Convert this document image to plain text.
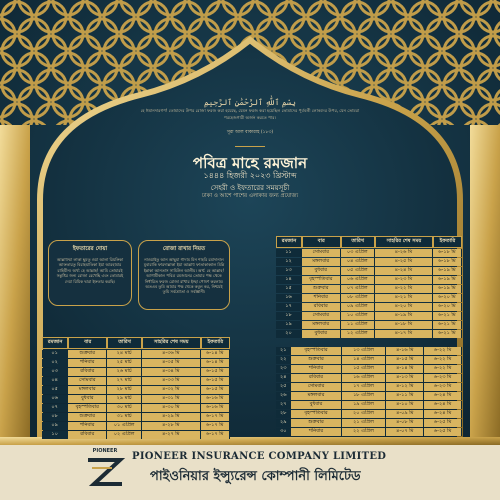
بِسْمِ ٱللَّٰهِ ٱلرَّحْمَٰنِ ٱلرَّحِيمِ
হে ঈমানদারগণ! তোমাদের উপর রোজা ফরজ করা হয়েছে, যেমন ফরজ করা হয়েছিল তোমাদের পূর্ববর্তী লোকদের উপর, যেন তোমরা পরহেজগারী অর্জন করতে পার।
সূরা আল বাকারাহ (১৮৩)
পবিত্র মাহে রমজান
১৪৪৪ হিজরী ২০২৩ খ্রিস্টাব্দ
সেহরী ও ইফতারের সময়সূচী
ঢাকা ও আশে পাশের এলাকার জন্য প্রযোজ্য
ইফতারের দোয়া

আল্লাহুম্মা লাকা ছুমতু ওয়া আলা রিযক্বিকা আফতারতু বিরাহমাতিকা ইয়া আরহামার রাহিমীন। অর্থ: হে আল্লাহ! আমি তোমারই সন্তুষ্টির জন্য রোজা রেখেছি এবং তোমারই দেয়া রিযিক দ্বারা ইফতার করছি।

রোজা রাখার নিয়ত

নাওয়াইতু আন আছুমা গাদাম মিন শাহরি রমাদানাল মুবারাকি ফারদাল্লাকা ইয়া আল্লাহু ফাতাকাব্বাল মিন্নি ইন্নাকা আনতাস সামিউল আলীম। অর্থ: হে আল্লাহ! আগামীকাল পবিত্র রমজানের তোমার পক্ষ থেকে নির্ধারিত ফরজ রোজা রাখার ইচ্ছা পোষণ করলাম। অতএব তুমি আমার পক্ষ থেকে কবুল কর, নিশ্চয়ই তুমি সর্বশ্রোতা ও সর্বজ্ঞানী।

রমজান	বার	তারিখ	সাহরির শেষ সময়	ইফতারি
০১	শুক্রবার	২৪ মার্চ	৪-৩৬ মি	৬-১৪ মি
০২	শনিবার	২৫ মার্চ	৪-৩৫ মি	৬-১৪ মি
০৩	রবিবার	২৬ মার্চ	৪-৩৪ মি	৬-১৫ মি
০৪	সোমবার	২৭ মার্চ	৪-৩৩ মি	৬-১৫ মি
০৫	মঙ্গলবার	২৮ মার্চ	৪-৩২ মি	৬-১৫ মি
০৬	বুধবার	২৯ মার্চ	৪-৩১ মি	৬-১৬ মি
০৭	বৃহস্পতিবার	৩০ মার্চ	৪-৩০ মি	৬-১৬ মি
০৮	শুক্রবার	৩১ মার্চ	৪-২৯ মি	৬-১৭ মি
০৯	শনিবার	০১ এপ্রিল	৪-২৮ মি	৬-১৭ মি
১০	রবিবার	০২ এপ্রিল	৪-২৭ মি	৬-১৭ মি
রমজান	বার	তারিখ	সাহরির শেষ সময়	ইফতারি
১১	সোমবার	০৩ এপ্রিল	৪-২৬ মি	৬-১৮ মি
১২	মঙ্গলবার	০৪ এপ্রিল	৪-২৫ মি	৬-১৮ মি
১৩	বুধবার	০৫ এপ্রিল	৪-২৪ মি	৬-১৯ মি
১৪	বৃহস্পতিবার	০৬ এপ্রিল	৪-২৩ মি	৬-১৯ মি
১৫	শুক্রবার	০৭ এপ্রিল	৪-২২ মি	৬-১৯ মি
১৬	শনিবার	০৮ এপ্রিল	৪-২১ মি	৬-২০ মি
১৭	রবিবার	০৯ এপ্রিল	৪-২০ মি	৬-২০ মি
১৮	সোমবার	১০ এপ্রিল	৪-১৯ মি	৬-২১ মি
১৯	মঙ্গলবার	১১ এপ্রিল	৪-১৮ মি	৬-২১ মি
২০	বুধবার	১২ এপ্রিল	৪-১৭ মি	৬-২১ মি
২১	বৃহস্পতিবার	১৩ এপ্রিল	৪-১৬ মি	৬-২২ মি
২২	শুক্রবার	১৪ এপ্রিল	৪-১৫ মি	৬-২২ মি
২৩	শনিবার	১৫ এপ্রিল	৪-১৪ মি	৬-২২ মি
২৪	রবিবার	১৬ এপ্রিল	৪-১৩ মি	৬-২৩ মি
২৫	সোমবার	১৭ এপ্রিল	৪-১২ মি	৬-২৩ মি
২৬	মঙ্গলবার	১৮ এপ্রিল	৪-১১ মি	৬-২৪ মি
২৭	বুধবার	১৯ এপ্রিল	৪-১০ মি	৬-২৪ মি
২৮	বৃহস্পতিবার	২০ এপ্রিল	৪-০৯ মি	৬-২৪ মি
২৯	শুক্রবার	২১ এপ্রিল	৪-০৮ মি	৬-২৫ মি
৩০	শনিবার	২২ এপ্রিল	৪-০৭ মি	৬-২৫ মি
PIONEER	PIONEER INSURANCE COMPANY LIMITED
পাইওনিয়ার ইন্স্যুরেন্স কোম্পানী লিমিটেড
